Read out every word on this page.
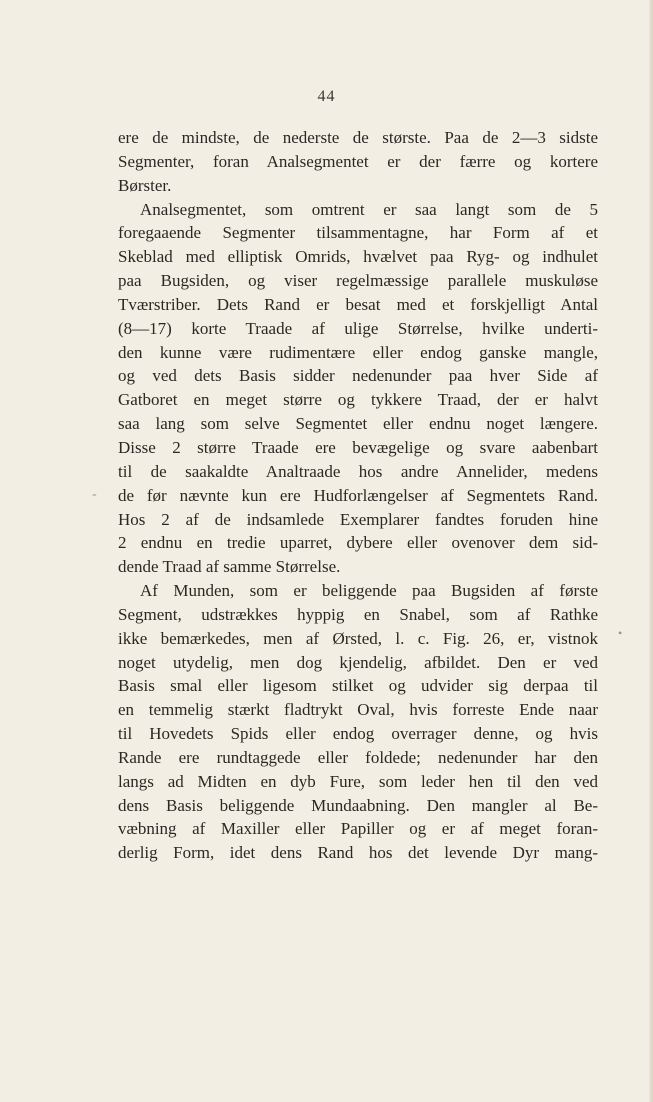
44
-
•
ere de mindste, de nederste de største. Paa de 2—3 sidste
Segmenter, foran Analsegmentet er der færre og kortere
Børster.
Analsegmentet, som omtrent er saa langt som de 5
foregaaende Segmenter tilsammentagne, har Form af et
Skeblad med elliptisk Omrids, hvælvet paa Ryg- og indhulet
paa Bugsiden, og viser regelmæssige parallele muskuløse
Tværstriber. Dets Rand er besat med et forskjelligt Antal
(8—17) korte Traade af ulige Størrelse, hvilke underti-
den kunne være rudimentære eller endog ganske mangle,
og ved dets Basis sidder nedenunder paa hver Side af
Gatboret en meget større og tykkere Traad, der er halvt
saa lang som selve Segmentet eller endnu noget længere.
Disse 2 større Traade ere bevægelige og svare aabenbart
til de saakaldte Analtraade hos andre Annelider, medens
de før nævnte kun ere Hudforlængelser af Segmentets Rand.
Hos 2 af de indsamlede Exemplarer fandtes foruden hine
2 endnu en tredie uparret, dybere eller ovenover dem sid-
dende Traad af samme Størrelse.
Af Munden, som er beliggende paa Bugsiden af første
Segment, udstrækkes hyppig en Snabel, som af Rathke
ikke bemærkedes, men af Ørsted, l. c. Fig. 26, er, vistnok
noget utydelig, men dog kjendelig, afbildet. Den er ved
Basis smal eller ligesom stilket og udvider sig derpaa til
en temmelig stærkt fladtrykt Oval, hvis forreste Ende naar
til Hovedets Spids eller endog overrager denne, og hvis
Rande ere rundtaggede eller foldede; nedenunder har den
langs ad Midten en dyb Fure, som leder hen til den ved
dens Basis beliggende Mundaabning. Den mangler al Be-
væbning af Maxiller eller Papiller og er af meget foran-
derlig Form, idet dens Rand hos det levende Dyr mang-
